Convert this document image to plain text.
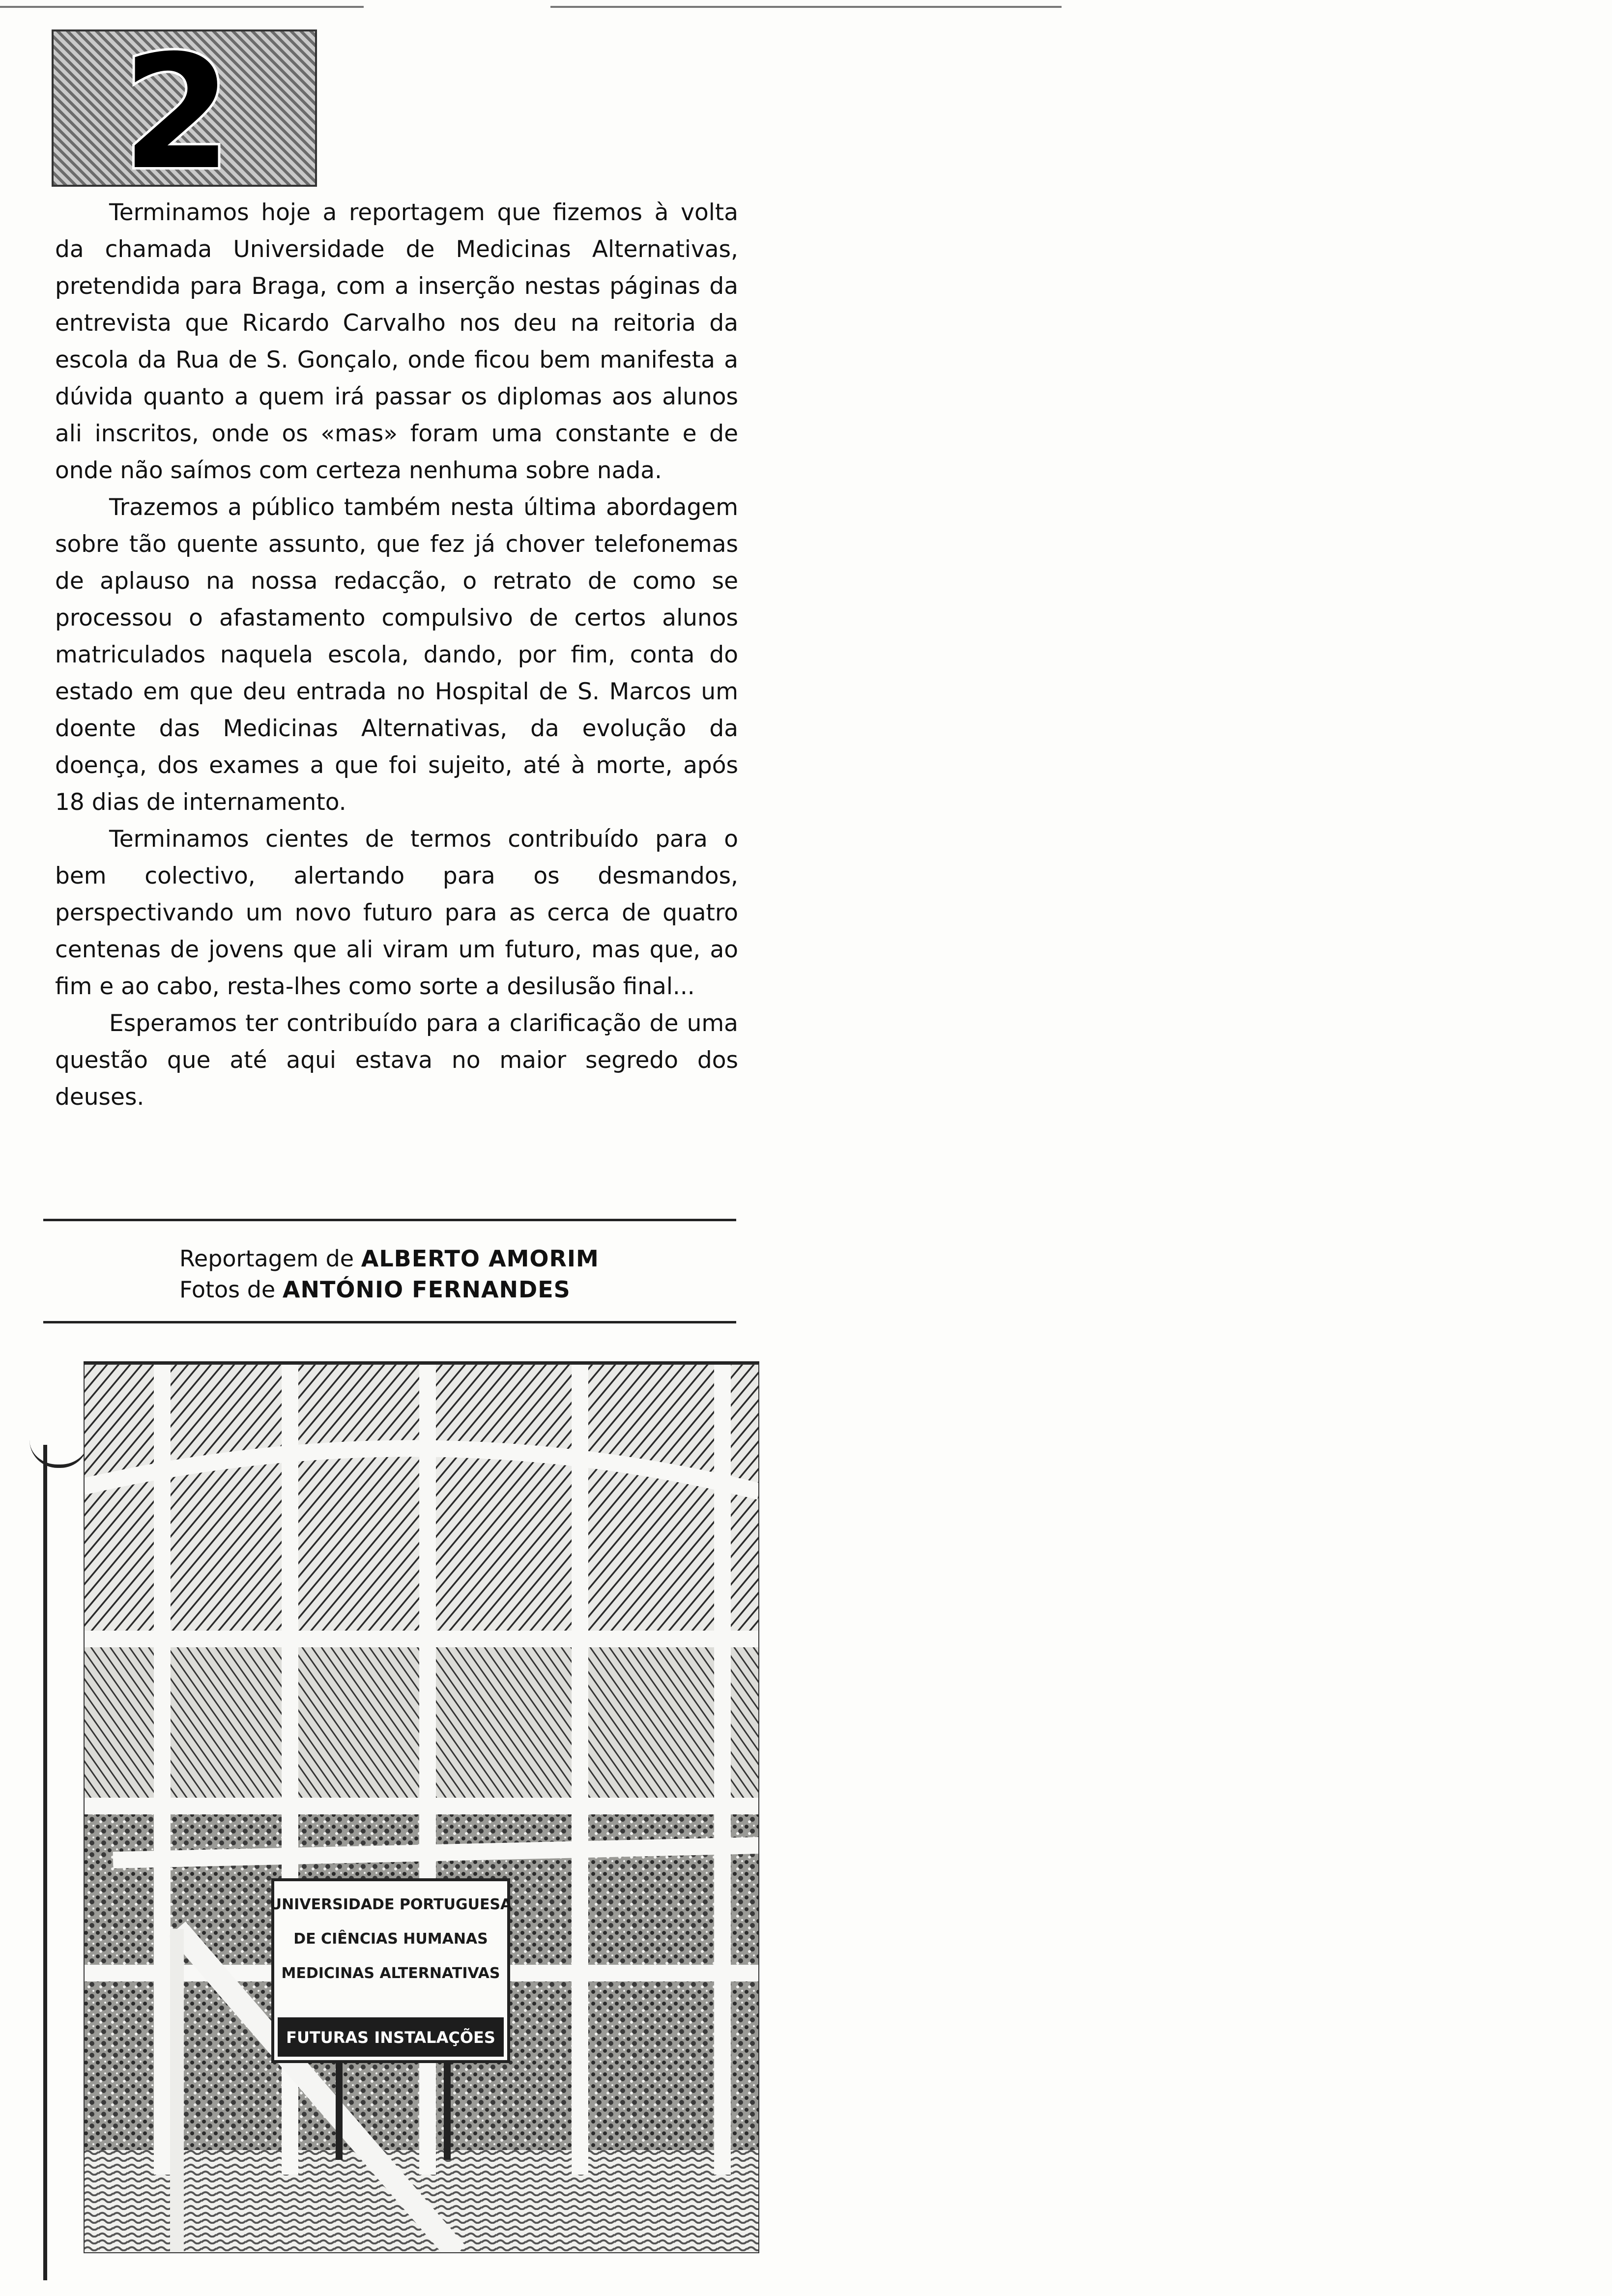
2

Terminamos hoje a reportagem que fizemos à volta da chamada Universidade de Medicinas Alternativas, pretendida para Braga, com a inserção nestas páginas da entrevista que Ricardo Carvalho nos deu na reitoria da escola da Rua de S. Gonçalo, onde ficou bem manifesta a dúvida quanto a quem irá passar os diplomas aos alunos ali inscritos, onde os «mas» foram uma constante e de onde não saímos com certeza nenhuma sobre nada.

Trazemos a público também nesta última abordagem sobre tão quente assunto, que fez já chover telefonemas de aplauso na nossa redacção, o retrato de como se processou o afastamento compulsivo de certos alunos matriculados naquela escola, dando, por fim, conta do estado em que deu entrada no Hospital de S. Marcos um doente das Medicinas Alternativas, da evolução da doença, dos exames a que foi sujeito, até à morte, após 18 dias de internamento.

Terminamos cientes de termos contribuído para o bem colectivo, alertando para os desmandos, perspectivando um novo futuro para as cerca de quatro centenas de jovens que ali viram um futuro, mas que, ao fim e ao cabo, resta-lhes como sorte a desilusão final...

Esperamos ter contribuído para a clarificação de uma questão que até aqui estava no maior segredo dos deuses.

Reportagem de ALBERTO AMORIM
Fotos de ANTÓNIO FERNANDES
UNIVERSIDADE PORTUGUESA
DE CIÊNCIAS HUMANAS
MEDICINAS ALTERNATIVAS
FUTURAS INSTALAÇÕES
